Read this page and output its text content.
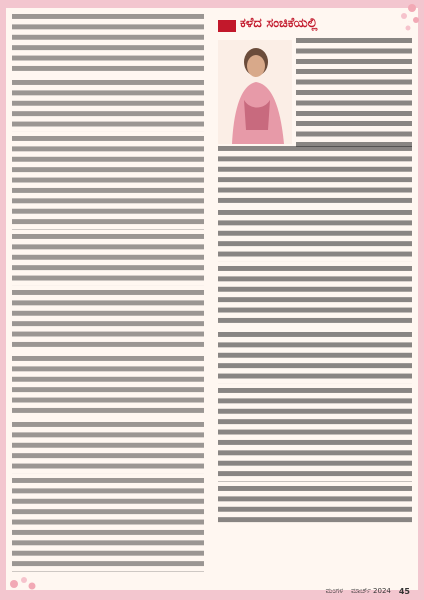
ಕಳೆದ ಸಂಚಿಕೆಯಲ್ಲಿ
ಮಂಗಳ ಮಾರ್ಚ್ 2024 45
